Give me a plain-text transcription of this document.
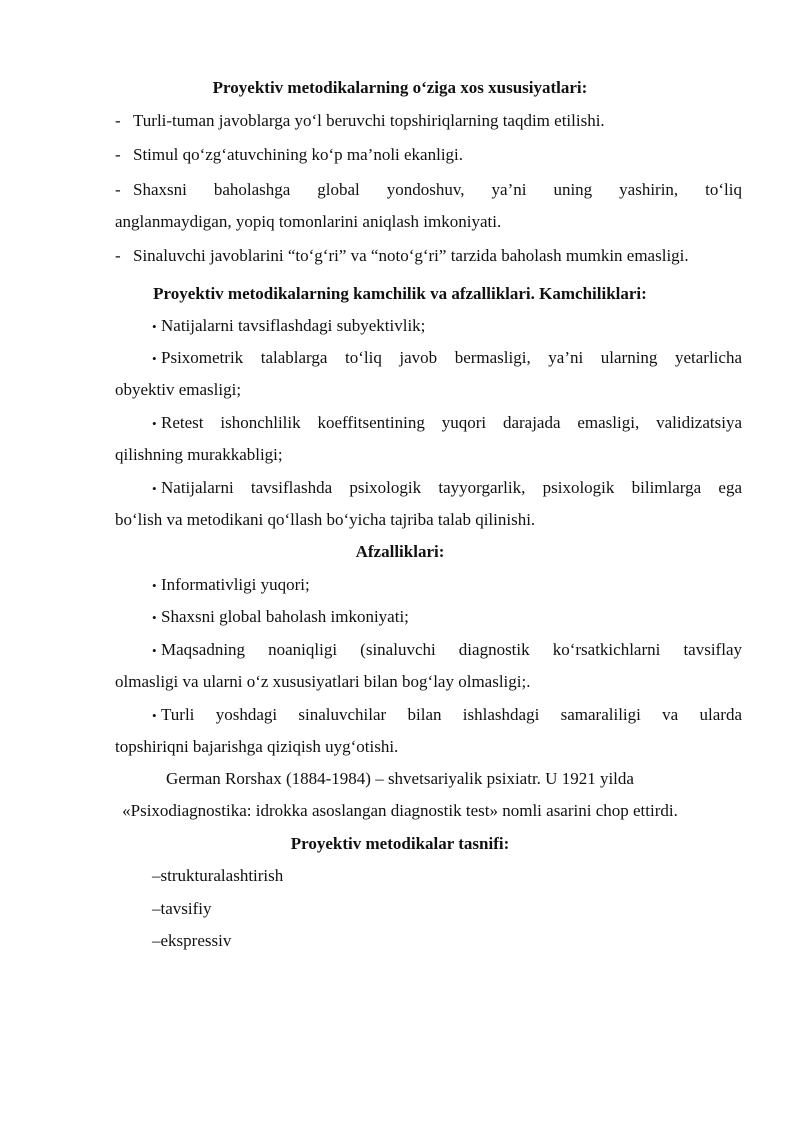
Proyektiv metodikalarning o‘ziga xos xususiyatlari:
- Turli-tuman javoblarga yo‘l beruvchi topshiriqlarning taqdim etilishi.
- Stimul qo‘zg‘atuvchining ko‘p ma’noli ekanligi.
- Shaxsni baholashga global yondoshuv, ya’ni uning yashirin, to‘liq
anglanmaydigan, yopiq tomonlarini aniqlash imkoniyati.
- Sinaluvchi javoblarini “to‘g‘ri” va “noto‘g‘ri” tarzida baholash mumkin emasligi.
Proyektiv metodikalarning kamchilik va afzalliklari. Kamchiliklari:
• Natijalarni tavsiflashdagi subyektivlik;
• Psixometrik talablarga to‘liq javob bermasligi, ya’ni ularning yetarlicha
obyektiv emasligi;
• Retest ishonchlilik koeffitsentining yuqori darajada emasligi, validizatsiya
qilishning murakkabligi;
• Natijalarni tavsiflashda psixologik tayyorgarlik, psixologik bilimlarga ega
bo‘lish va metodikani qo‘llash bo‘yicha tajriba talab qilinishi.
Afzalliklari:
• Informativligi yuqori;
• Shaxsni global baholash imkoniyati;
• Maqsadning noaniqligi (sinaluvchi diagnostik ko‘rsatkichlarni tavsiflay
olmasligi va ularni o‘z xususiyatlari bilan bog‘lay olmasligi;.
• Turli yoshdagi sinaluvchilar bilan ishlashdagi samaraliligi va ularda
topshiriqni bajarishga qiziqish uyg‘otishi.
German Rorshax (1884-1984) – shvetsariyalik psixiatr. U 1921 yilda
«Psixodiagnostika: idrokka asoslangan diagnostik test» nomli asarini chop ettirdi.
Proyektiv metodikalar tasnifi:
–strukturalashtirish
–tavsifiy
–ekspressiv
